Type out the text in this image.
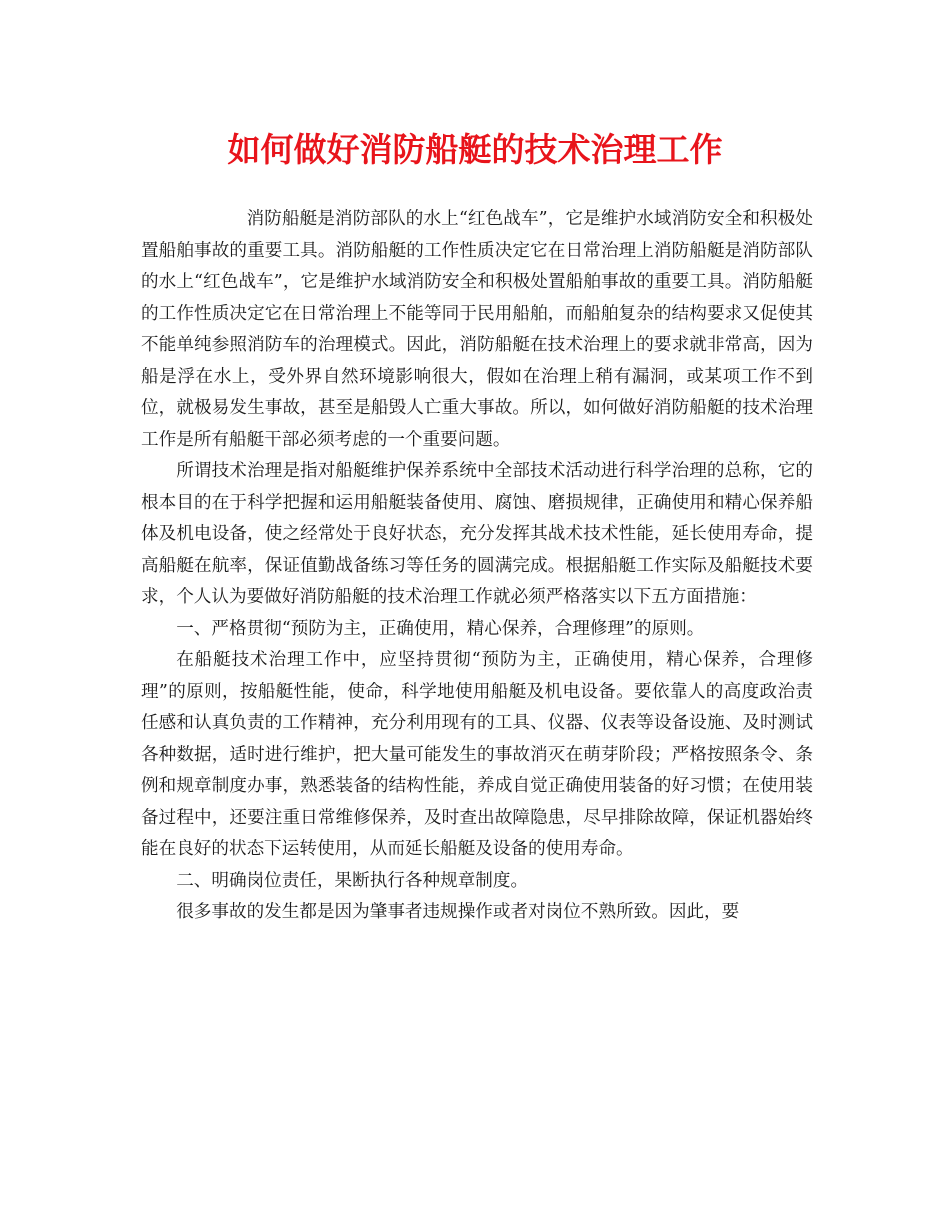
如何做好消防船艇的技术治理工作

消防船艇是消防部队的水上“红色战车”，它是维护水域消防安全和积极处置船舶事故的重要工具。消防船艇的工作性质决定它在日常治理上消防船艇是消防部队的水上“红色战车”，它是维护水域消防安全和积极处置船舶事故的重要工具。消防船艇的工作性质决定它在日常治理上不能等同于民用船舶，而船舶复杂的结构要求又促使其不能单纯参照消防车的治理模式。因此，消防船艇在技术治理上的要求就非常高，因为船是浮在水上，受外界自然环境影响很大，假如在治理上稍有漏洞，或某项工作不到位，就极易发生事故，甚至是船毁人亡重大事故。所以，如何做好消防船艇的技术治理工作是所有船艇干部必须考虑的一个重要问题。

所谓技术治理是指对船艇维护保养系统中全部技术活动进行科学治理的总称，它的根本目的在于科学把握和运用船艇装备使用、腐蚀、磨损规律，正确使用和精心保养船体及机电设备，使之经常处于良好状态，充分发挥其战术技术性能，延长使用寿命，提高船艇在航率，保证值勤战备练习等任务的圆满完成。根据船艇工作实际及船艇技术要求，个人认为要做好消防船艇的技术治理工作就必须严格落实以下五方面措施：

一、严格贯彻“预防为主，正确使用，精心保养，合理修理”的原则。

在船艇技术治理工作中，应坚持贯彻“预防为主，正确使用，精心保养，合理修理”的原则，按船艇性能，使命，科学地使用船艇及机电设备。要依靠人的高度政治责任感和认真负责的工作精神，充分利用现有的工具、仪器、仪表等设备设施、及时测试各种数据，适时进行维护，把大量可能发生的事故消灭在萌芽阶段；严格按照条令、条例和规章制度办事，熟悉装备的结构性能，养成自觉正确使用装备的好习惯；在使用装备过程中，还要注重日常维修保养，及时查出故障隐患，尽早排除故障，保证机器始终能在良好的状态下运转使用，从而延长船艇及设备的使用寿命。

二、明确岗位责任，果断执行各种规章制度。

很多事故的发生都是因为肇事者违规操作或者对岗位不熟所致。因此，要
